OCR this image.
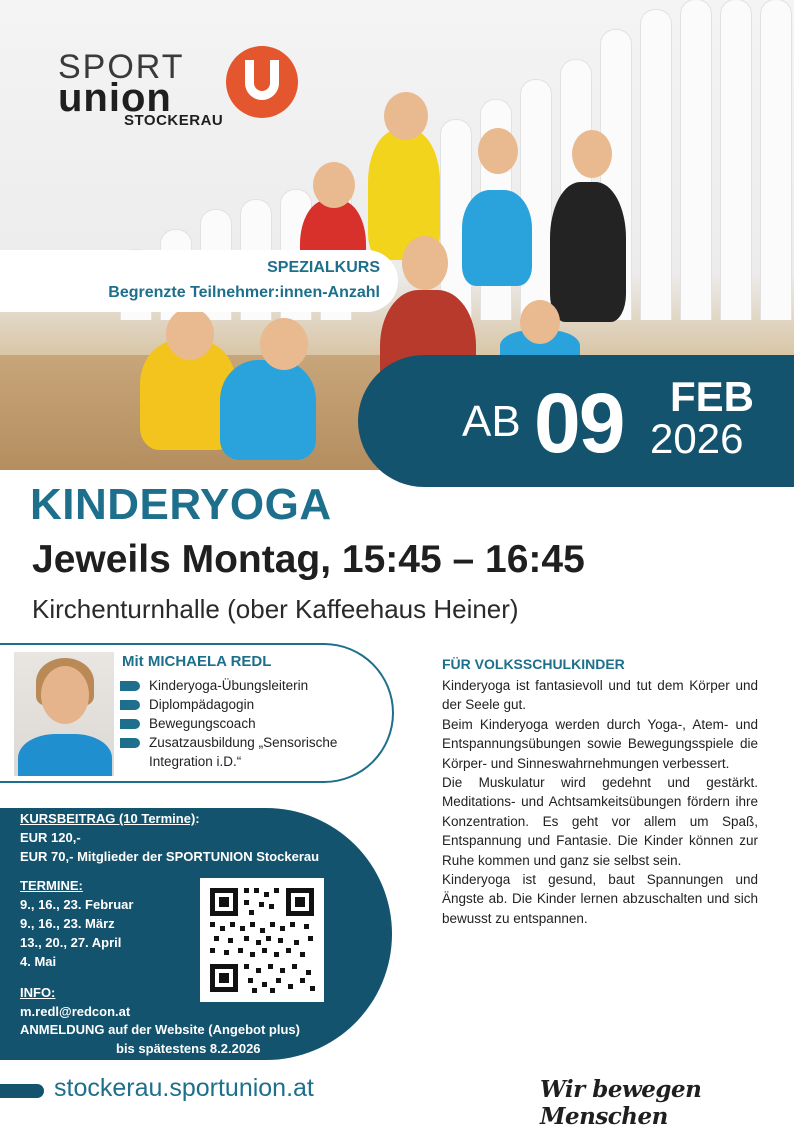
SPORT
union
STOCKERAU
SPEZIALKURS
Begrenzte Teilnehmer:innen-Anzahl
AB 09 FEB
2026
KINDERYOGA
Jeweils Montag, 15:45 – 16:45
Kirchenturnhalle (ober Kaffeehaus Heiner)
Mit MICHAELA REDL
Kinderyoga-Übungsleiterin
Diplompädagogin
Bewegungscoach
Zusatzausbildung „Sensorische Integration i.D.“
KURSBEITRAG (10 Termine):
EUR 120,-
EUR 70,- Mitglieder der SPORTUNION Stockerau
TERMINE:
9., 16., 23. Februar
9., 16., 23. März
13., 20., 27. April
4. Mai
INFO:
m.redl@redcon.at
ANMELDUNG auf der Website (Angebot plus)
bis spätestens 8.2.2026
FÜR VOLKSSCHULKINDER

Kinderyoga ist fantasievoll und tut dem Körper und der Seele gut.

Beim Kinderyoga werden durch Yoga-, Atem- und Entspannungsübungen sowie Bewegungsspiele die Körper- und Sinneswahrnehmungen verbessert.

Die Muskulatur wird gedehnt und gestärkt. Meditations- und Achtsamkeitsübungen fördern ihre Konzentration. Es geht vor allem um Spaß, Entspannung und Fantasie. Die Kinder können zur Ruhe kommen und ganz sie selbst sein.

Kinderyoga ist gesund, baut Spannungen und Ängste ab. Die Kinder lernen abzuschalten und sich bewusst zu entspannen.

stockerau.sportunion.at	Wir bewegen Menschen
